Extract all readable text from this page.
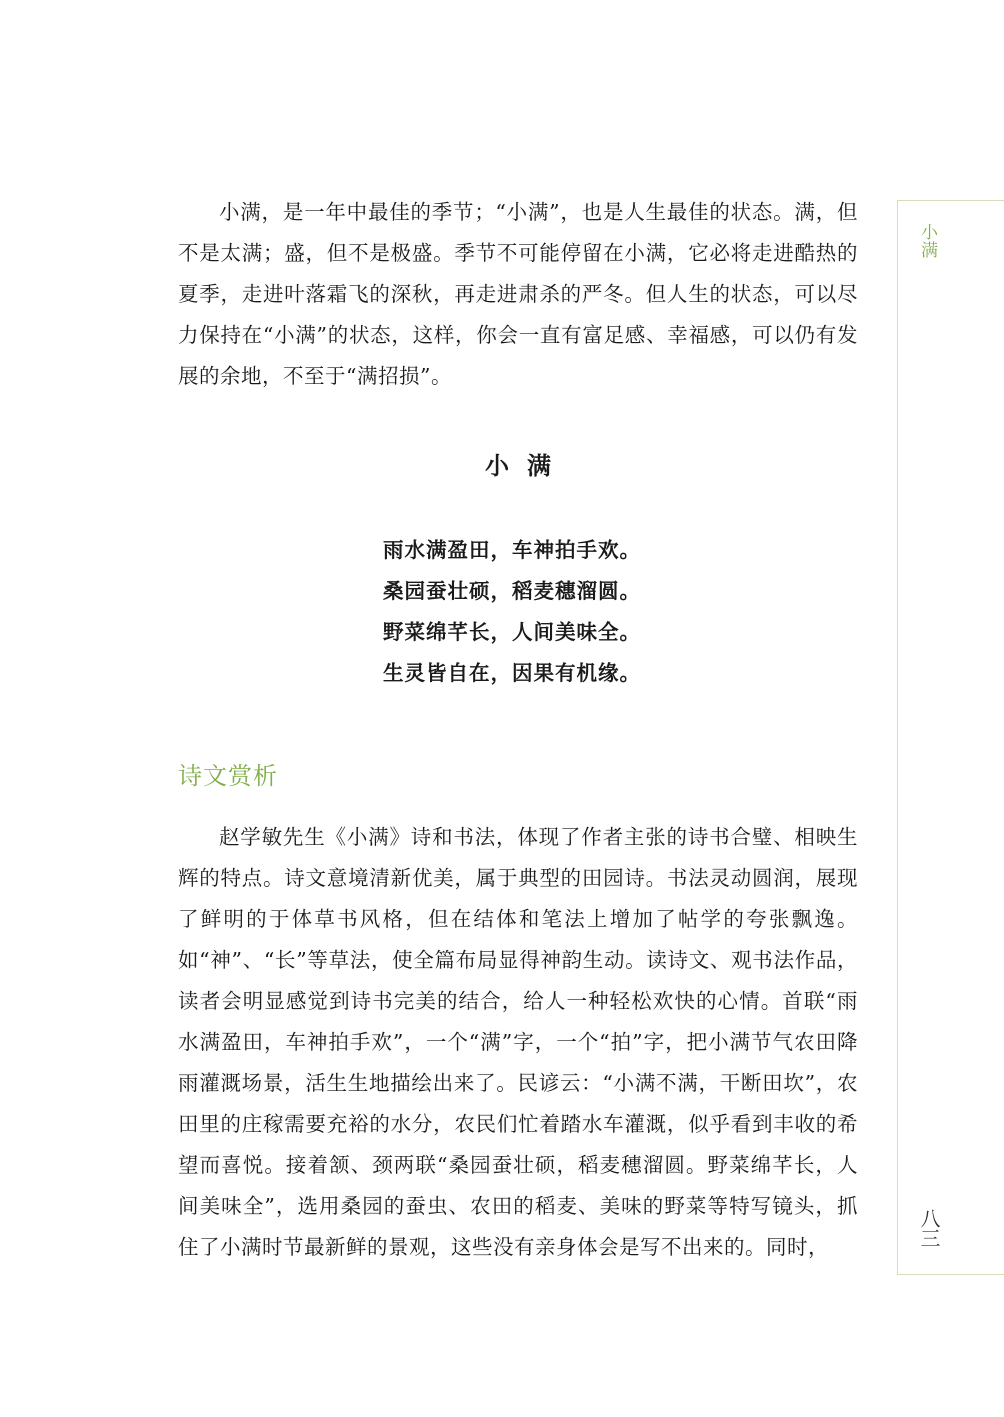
小满

小满，是一年中最佳的季节；“小满”，也是人生最佳的状态。满，但不是太满；盛，但不是极盛。季节不可能停留在小满，它必将走进酷热的夏季，走进叶落霜飞的深秋，再走进肃杀的严冬。但人生的状态，可以尽力保持在“小满”的状态，这样，你会一直有富足感、幸福感，可以仍有发展的余地，不至于“满招损”。

小满
雨水满盈田，车神拍手欢。
桑园蚕壮硕，稻麦穗溜圆。
野菜绵芊长，人间美味全。
生灵皆自在，因果有机缘。
诗文赏析

赵学敏先生《小满》诗和书法，体现了作者主张的诗书合璧、相映生辉的特点。诗文意境清新优美，属于典型的田园诗。书法灵动圆润，展现了鲜明的于体草书风格，但在结体和笔法上增加了帖学的夸张飘逸。如“神”、“长”等草法，使全篇布局显得神韵生动。读诗文、观书法作品，读者会明显感觉到诗书完美的结合，给人一种轻松欢快的心情。首联“雨水满盈田，车神拍手欢”，一个“满”字，一个“拍”字，把小满节气农田降雨灌溉场景，活生生地描绘出来了。民谚云：“小满不满，干断田坎”，农田里的庄稼需要充裕的水分，农民们忙着踏水车灌溉，似乎看到丰收的希望而喜悦。接着颔、颈两联“桑园蚕壮硕，稻麦穗溜圆。野菜绵芊长，人间美味全”，选用桑园的蚕虫、农田的稻麦、美味的野菜等特写镜头，抓住了小满时节最新鲜的景观，这些没有亲身体会是写不出来的。同时，	八三
